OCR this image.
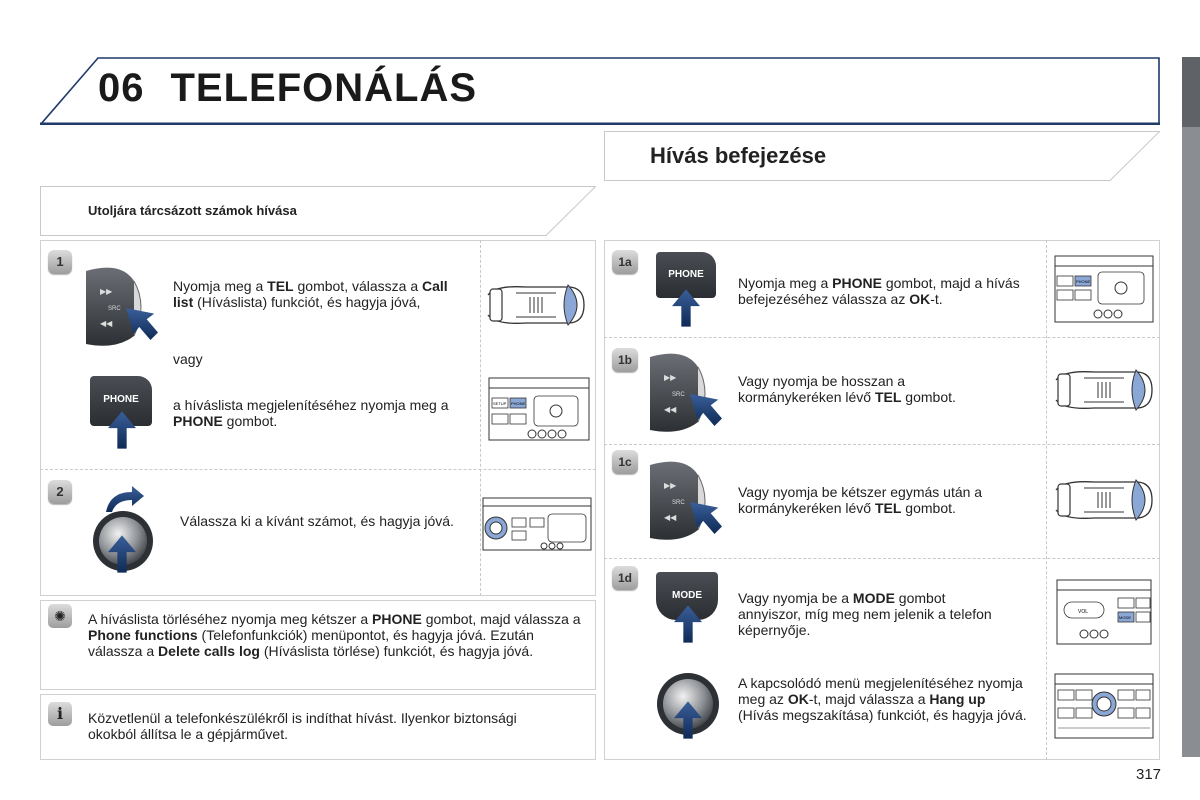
06 TELEFONÁLÁS
Hívás befejezése
Utoljára tárcsázott számok hívása
1
Nyomja meg a TEL gombot, válassza a Call list (Híváslista) funkciót, és hagyja jóvá,
vagy
PHONE	a híváslista megjelenítéséhez nyomja meg a PHONE gombot.
SETUP PHONE
2
Válassza ki a kívánt számot, és hagyja jóvá.
✺	A híváslista törléséhez nyomja meg kétszer a PHONE gombot, majd válassza a Phone functions (Telefonfunkciók) menüpontot, és hagyja jóvá. Ezután válassza a Delete calls log (Híváslista törlése) funkciót, és hagyja jóvá.
i	Közvetlenül a telefonkészülékről is indíthat hívást. Ilyenkor biztonsági okokból állítsa le a gépjárművet.
1a
PHONE
Nyomja meg a PHONE gombot, majd a hívás befejezéséhez válassza az OK-t.
PHONE
1b
Vagy nyomja be hosszan a kormánykeréken lévő TEL gombot.
1c
Vagy nyomja be kétszer egymás után a kormánykeréken lévő TEL gombot.
1d
MODE	Vagy nyomja be a MODE gombot annyiszor, míg meg nem jelenik a telefon képernyője.
VOL
MODE
A kapcsolódó menü megjelenítéséhez nyomja meg az OK-t, majd válassza a Hang up (Hívás megszakítása) funkciót, és hagyja jóvá.
317
